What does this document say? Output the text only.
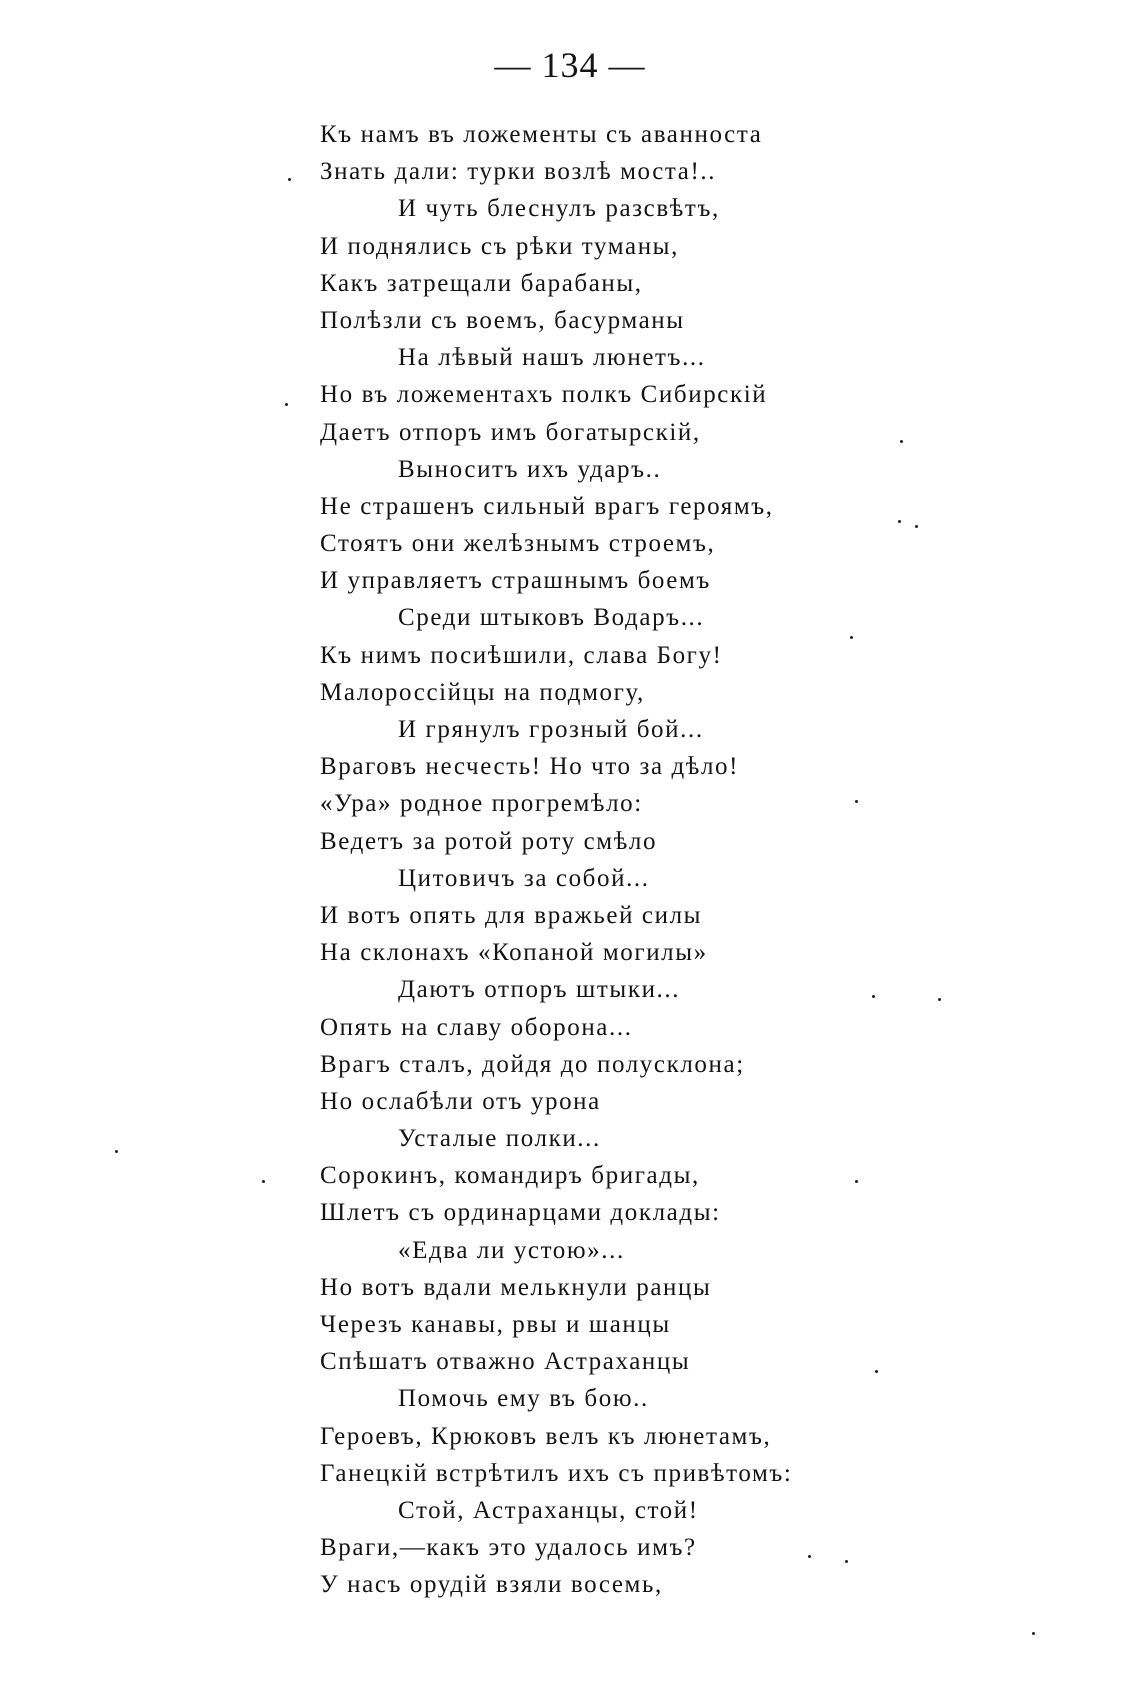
— 134 —
Къ намъ въ ложементы съ аванноста
Знать дали: турки возлѣ моста!..
И чуть блеснулъ разсвѣтъ,
И поднялись съ рѣки туманы,
Какъ затрещали барабаны,
Полѣзли съ воемъ, басурманы
На лѣвый нашъ люнетъ...
Но въ ложементахъ полкъ Сибирскій
Даетъ отпоръ имъ богатырскій,
Выноситъ ихъ ударъ..
Не страшенъ сильный врагъ героямъ,
Стоятъ они желѣзнымъ строемъ,
И управляетъ страшнымъ боемъ
Среди штыковъ Водаръ...
Къ нимъ посиѣшили, слава Богу!
Малороссійцы на подмогу,
И грянулъ грозный бой...
Враговъ несчесть! Но что за дѣло!
«Ура» родное прогремѣло:
Ведетъ за ротой роту смѣло
Цитовичъ за собой...
И вотъ опять для вражьей силы
На склонахъ «Копаной могилы»
Даютъ отпоръ штыки...
Опять на славу оборона...
Врагъ сталъ, дойдя до полусклона;
Но ослабѣли отъ урона
Усталые полки...
Сорокинъ, командиръ бригады,
Шлетъ съ ординарцами доклады:
«Едва ли устою»...
Но вотъ вдали мелькнули ранцы
Черезъ канавы, рвы и шанцы
Спѣшатъ отважно Астраханцы
Помочь ему въ бою..
Героевъ, Крюковъ велъ къ люнетамъ,
Ганецкій встрѣтилъ ихъ съ привѣтомъ:
Стой, Астраханцы, стой!
Враги,—какъ это удалось имъ?
У насъ орудій взяли восемь,
